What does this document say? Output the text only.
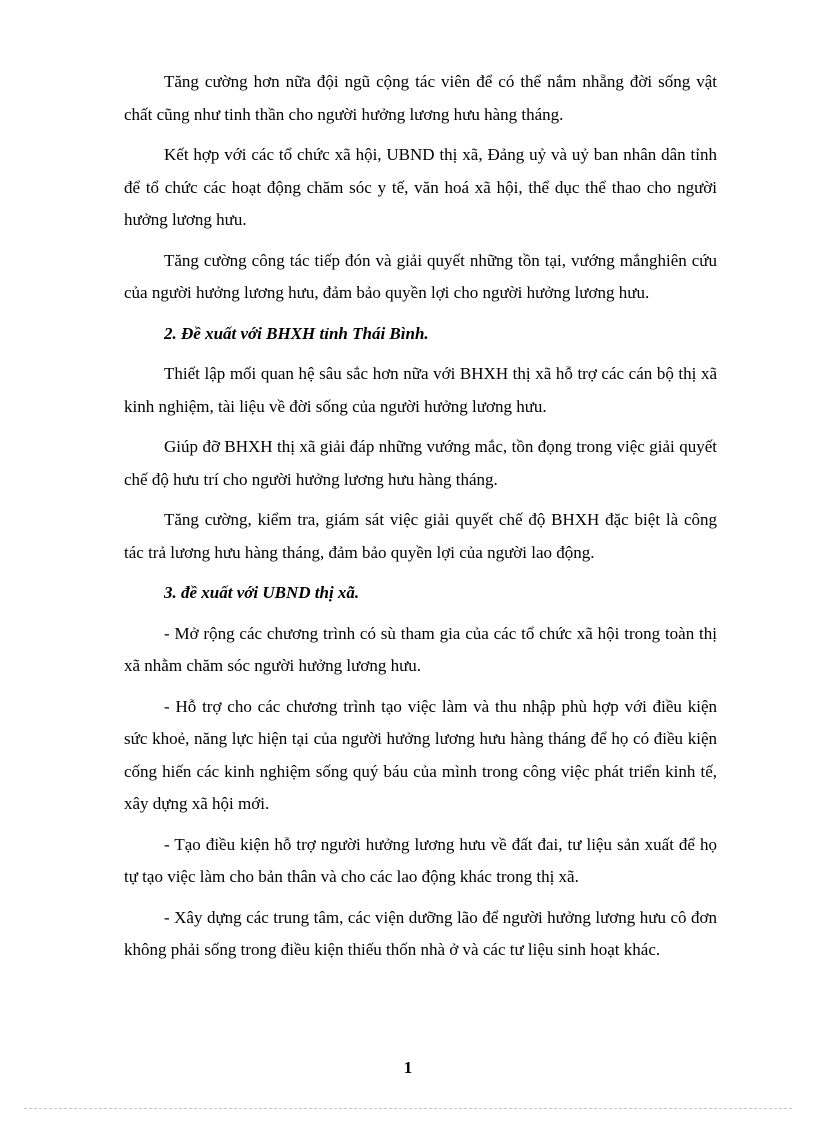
Tăng cường hơn nữa đội ngũ cộng tác viên để có thể nắm nhẵng đời sống vật chất cũng như tinh thần cho người hưởng lương hưu hàng tháng.

Kết hợp với các tổ chức xã hội, UBND thị xã, Đảng uỷ và uỷ ban nhân dân tỉnh để tổ chức các hoạt động chăm sóc y tế, văn hoá xã hội, thể dục thể thao cho người hưởng lương hưu.

Tăng cường công tác tiếp đón và giải quyết những tồn tại, vướng mắnghiên cứu của người hưởng lương hưu, đảm bảo quyền lợi cho người hưởng lương hưu.

2. Đề xuất với BHXH tỉnh Thái Bình.

Thiết lập mối quan hệ sâu sắc hơn nữa với BHXH thị xã hỗ trợ các cán bộ thị xã kinh nghiệm, tài liệu về đời sống của người hưởng lương hưu.

Giúp đỡ BHXH thị xã giải đáp những vướng mắc, tồn đọng trong việc giải quyết chế độ hưu trí cho người hưởng lương hưu hàng tháng.

Tăng cường, kiểm tra, giám sát việc giải quyết chế độ BHXH đặc biệt là công tác trả lương hưu hàng tháng, đảm bảo quyền lợi của người lao động.

3. đề xuất với UBND thị xã.

- Mở rộng các chương trình có sù tham gia của các tổ chức xã hội trong toàn thị xã nhằm chăm sóc người hưởng lương hưu.

- Hỗ trợ cho các chương trình tạo việc làm và thu nhập phù hợp với điều kiện sức khoẻ, năng lực hiện tại của người hưởng lương hưu hàng tháng để họ có điều kiện cống hiến các kinh nghiệm sống quý báu của mình trong công việc phát triển kinh tế, xây dựng xã hội mới.

- Tạo điều kiện hỗ trợ người hưởng lương hưu về đất đai, tư liệu sản xuất để họ tự tạo việc làm cho bản thân và cho các lao động khác trong thị xã.

- Xây dựng các trung tâm, các viện dưỡng lão để người hưởng lương hưu cô đơn không phải sống trong điều kiện thiếu thốn nhà ở và các tư liệu sinh hoạt khác.

1
